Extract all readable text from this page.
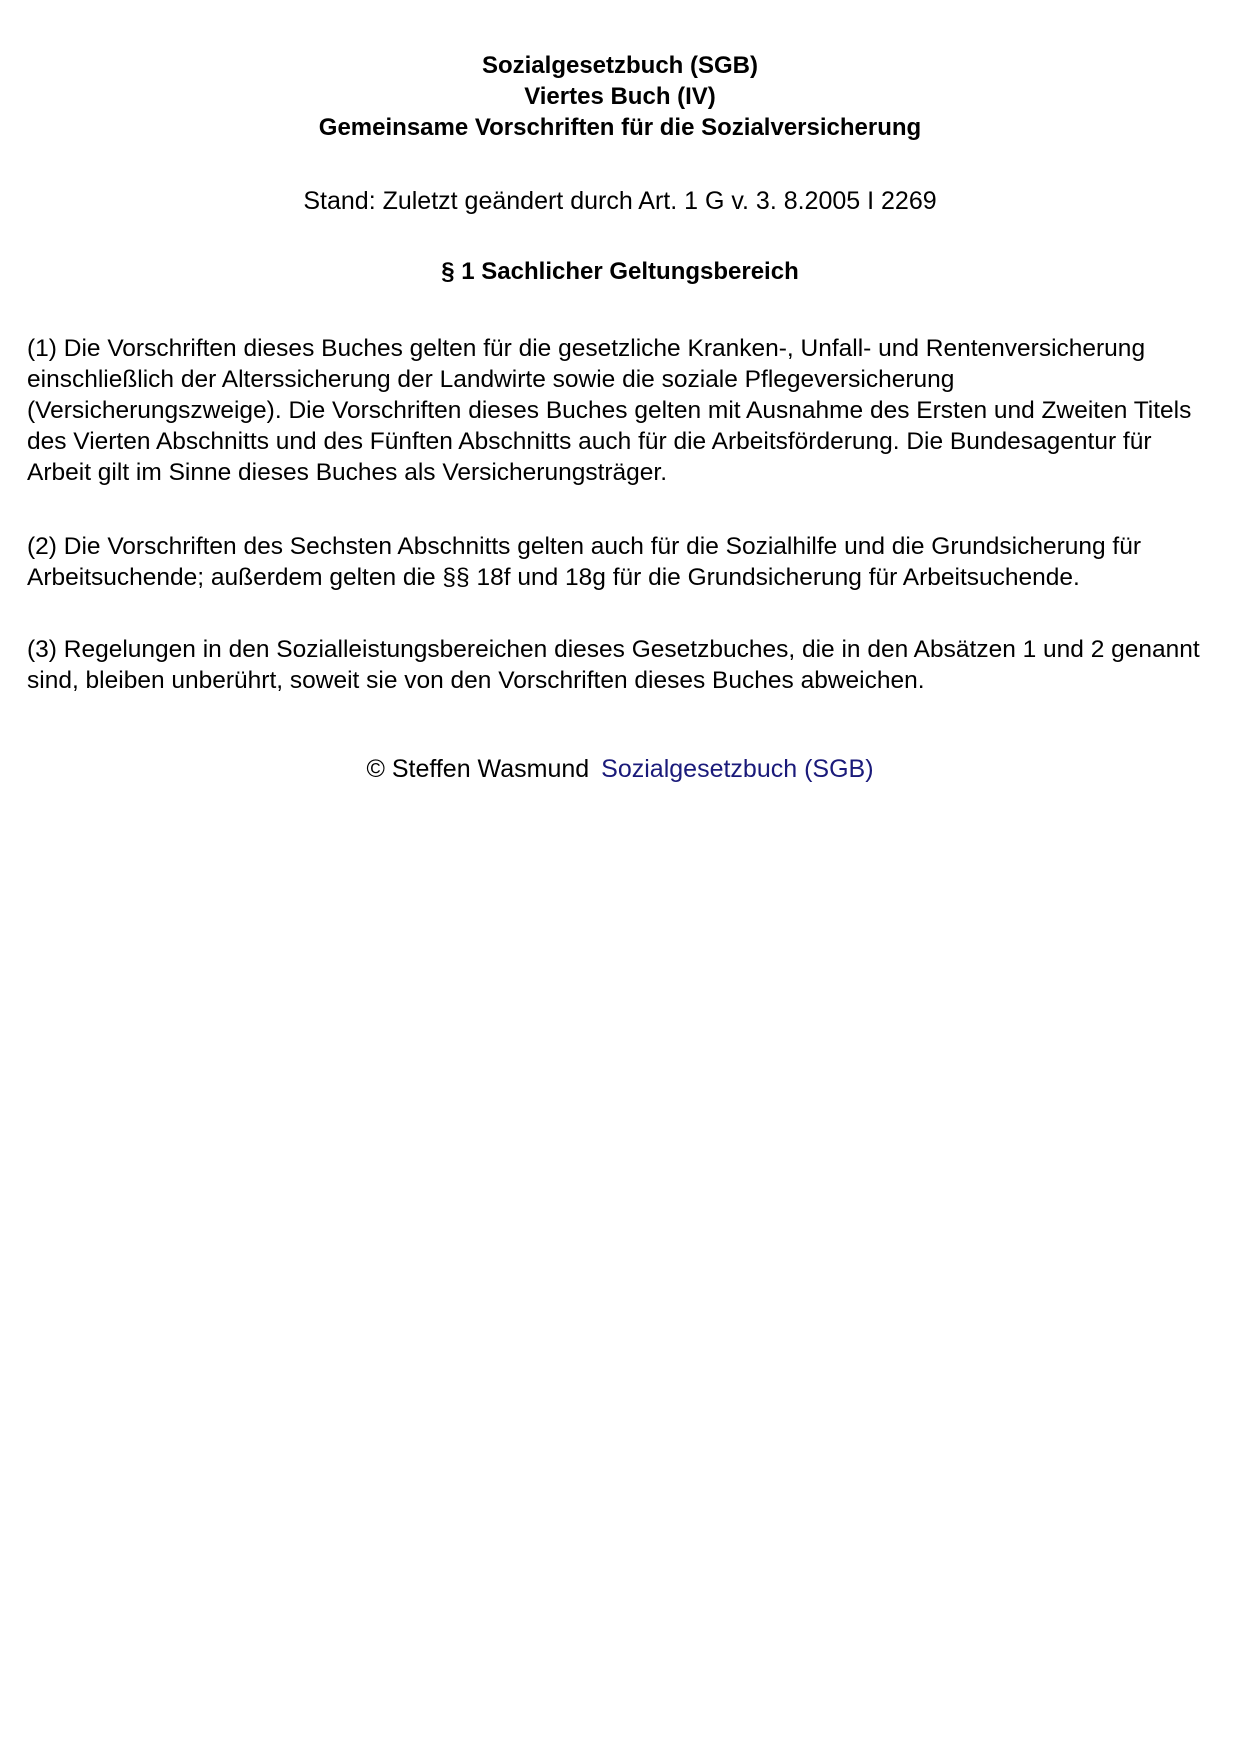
Sozialgesetzbuch (SGB)
Viertes Buch (IV)
Gemeinsame Vorschriften für die Sozialversicherung
Stand: Zuletzt geändert durch Art. 1 G v. 3. 8.2005 I 2269
§ 1 Sachlicher Geltungsbereich

(1) Die Vorschriften dieses Buches gelten für die gesetzliche Kranken-, Unfall- und Rentenversicherung einschließlich der Alterssicherung der Landwirte sowie die soziale Pflegeversicherung (Versicherungszweige). Die Vorschriften dieses Buches gelten mit Ausnahme des Ersten und Zweiten Titels des Vierten Abschnitts und des Fünften Abschnitts auch für die Arbeitsförderung. Die Bundesagentur für Arbeit gilt im Sinne dieses Buches als Versicherungsträger.

(2) Die Vorschriften des Sechsten Abschnitts gelten auch für die Sozialhilfe und die Grundsicherung für Arbeitsuchende; außerdem gelten die §§ 18f und 18g für die Grundsicherung für Arbeitsuchende.

(3) Regelungen in den Sozialleistungsbereichen dieses Gesetzbuches, die in den Absätzen 1 und 2 genannt sind, bleiben unberührt, soweit sie von den Vorschriften dieses Buches abweichen.

© Steffen Wasmund Sozialgesetzbuch (SGB)
